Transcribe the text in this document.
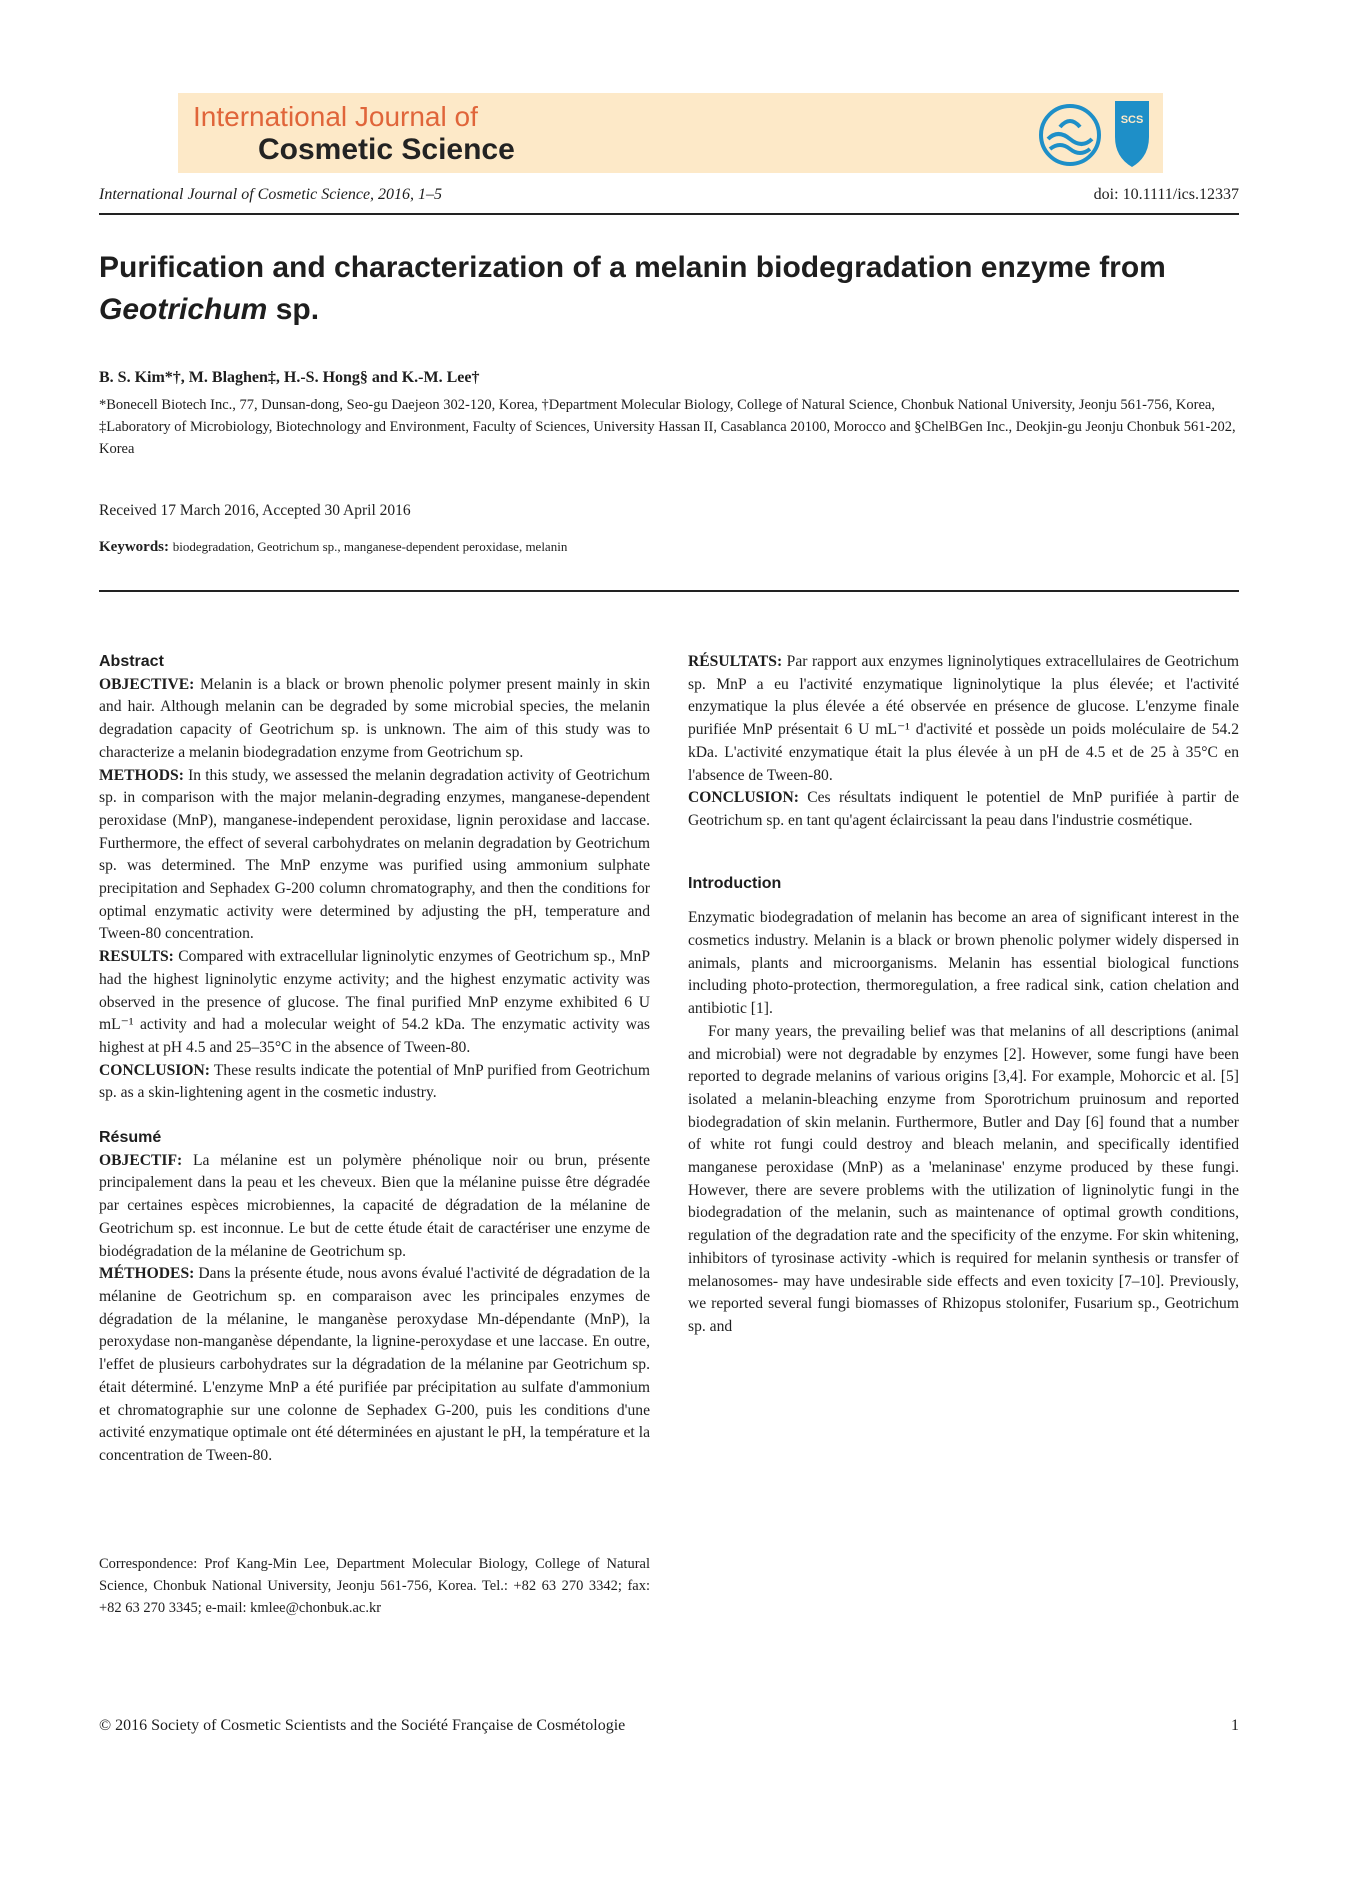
International Journal of
Cosmetic Science
SCS
International Journal of Cosmetic Science, 2016, 1–5	doi: 10.1111/ics.12337
Purification and characterization of a melanin biodegradation enzyme from Geotrichum sp.
B. S. Kim*†, M. Blaghen‡, H.-S. Hong§ and K.-M. Lee†
*Bonecell Biotech Inc., 77, Dunsan-dong, Seo-gu Daejeon 302-120, Korea, †Department Molecular Biology, College of Natural Science, Chonbuk National University, Jeonju 561-756, Korea, ‡Laboratory of Microbiology, Biotechnology and Environment, Faculty of Sciences, University Hassan II, Casablanca 20100, Morocco and §ChelBGen Inc., Deokjin-gu Jeonju Chonbuk 561-202, Korea
Received 17 March 2016, Accepted 30 April 2016
Keywords: biodegradation, Geotrichum sp., manganese-dependent peroxidase, melanin
Abstract

OBJECTIVE: Melanin is a black or brown phenolic polymer present mainly in skin and hair. Although melanin can be degraded by some microbial species, the melanin degradation capacity of Geotrichum sp. is unknown. The aim of this study was to characterize a melanin biodegradation enzyme from Geotrichum sp.

METHODS: In this study, we assessed the melanin degradation activity of Geotrichum sp. in comparison with the major melanin-degrading enzymes, manganese-dependent peroxidase (MnP), manganese-independent peroxidase, lignin peroxidase and laccase. Furthermore, the effect of several carbohydrates on melanin degradation by Geotrichum sp. was determined. The MnP enzyme was purified using ammonium sulphate precipitation and Sephadex G-200 column chromatography, and then the conditions for optimal enzymatic activity were determined by adjusting the pH, temperature and Tween-80 concentration.

RESULTS: Compared with extracellular ligninolytic enzymes of Geotrichum sp., MnP had the highest ligninolytic enzyme activity; and the highest enzymatic activity was observed in the presence of glucose. The final purified MnP enzyme exhibited 6 U mL⁻¹ activity and had a molecular weight of 54.2 kDa. The enzymatic activity was highest at pH 4.5 and 25–35°C in the absence of Tween-80.

CONCLUSION: These results indicate the potential of MnP purified from Geotrichum sp. as a skin-lightening agent in the cosmetic industry.

Résumé

OBJECTIF: La mélanine est un polymère phénolique noir ou brun, présente principalement dans la peau et les cheveux. Bien que la mélanine puisse être dégradée par certaines espèces microbiennes, la capacité de dégradation de la mélanine de Geotrichum sp. est inconnue. Le but de cette étude était de caractériser une enzyme de biodégradation de la mélanine de Geotrichum sp.

MÉTHODES: Dans la présente étude, nous avons évalué l'activité de dégradation de la mélanine de Geotrichum sp. en comparaison avec les principales enzymes de dégradation de la mélanine, le manganèse peroxydase Mn-dépendante (MnP), la peroxydase non-manganèse dépendante, la lignine-peroxydase et une laccase. En outre, l'effet de plusieurs carbohydrates sur la dégradation de la mélanine par Geotrichum sp. était déterminé. L'enzyme MnP a été purifiée par précipitation au sulfate d'ammonium et chromatographie sur une colonne de Sephadex G-200, puis les conditions d'une activité enzymatique optimale ont été déterminées en ajustant le pH, la température et la concentration de Tween-80.

RÉSULTATS: Par rapport aux enzymes ligninolytiques extracellulaires de Geotrichum sp. MnP a eu l'activité enzymatique ligninolytique la plus élevée; et l'activité enzymatique la plus élevée a été observée en présence de glucose. L'enzyme finale purifiée MnP présentait 6 U mL⁻¹ d'activité et possède un poids moléculaire de 54.2 kDa. L'activité enzymatique était la plus élevée à un pH de 4.5 et de 25 à 35°C en l'absence de Tween-80.

CONCLUSION: Ces résultats indiquent le potentiel de MnP purifiée à partir de Geotrichum sp. en tant qu'agent éclaircissant la peau dans l'industrie cosmétique.

Introduction

Enzymatic biodegradation of melanin has become an area of significant interest in the cosmetics industry. Melanin is a black or brown phenolic polymer widely dispersed in animals, plants and microorganisms. Melanin has essential biological functions including photo-protection, thermoregulation, a free radical sink, cation chelation and antibiotic [1].

For many years, the prevailing belief was that melanins of all descriptions (animal and microbial) were not degradable by enzymes [2]. However, some fungi have been reported to degrade melanins of various origins [3,4]. For example, Mohorcic et al. [5] isolated a melanin-bleaching enzyme from Sporotrichum pruinosum and reported biodegradation of skin melanin. Furthermore, Butler and Day [6] found that a number of white rot fungi could destroy and bleach melanin, and specifically identified manganese peroxidase (MnP) as a 'melaninase' enzyme produced by these fungi. However, there are severe problems with the utilization of ligninolytic fungi in the biodegradation of the melanin, such as maintenance of optimal growth conditions, regulation of the degradation rate and the specificity of the enzyme. For skin whitening, inhibitors of tyrosinase activity -which is required for melanin synthesis or transfer of melanosomes- may have undesirable side effects and even toxicity [7–10]. Previously, we reported several fungi biomasses of Rhizopus stolonifer, Fusarium sp., Geotrichum sp. and

Correspondence: Prof Kang-Min Lee, Department Molecular Biology, College of Natural Science, Chonbuk National University, Jeonju 561-756, Korea. Tel.: +82 63 270 3342; fax: +82 63 270 3345; e-mail: kmlee@chonbuk.ac.kr
© 2016 Society of Cosmetic Scientists and the Société Française de Cosmétologie	1
